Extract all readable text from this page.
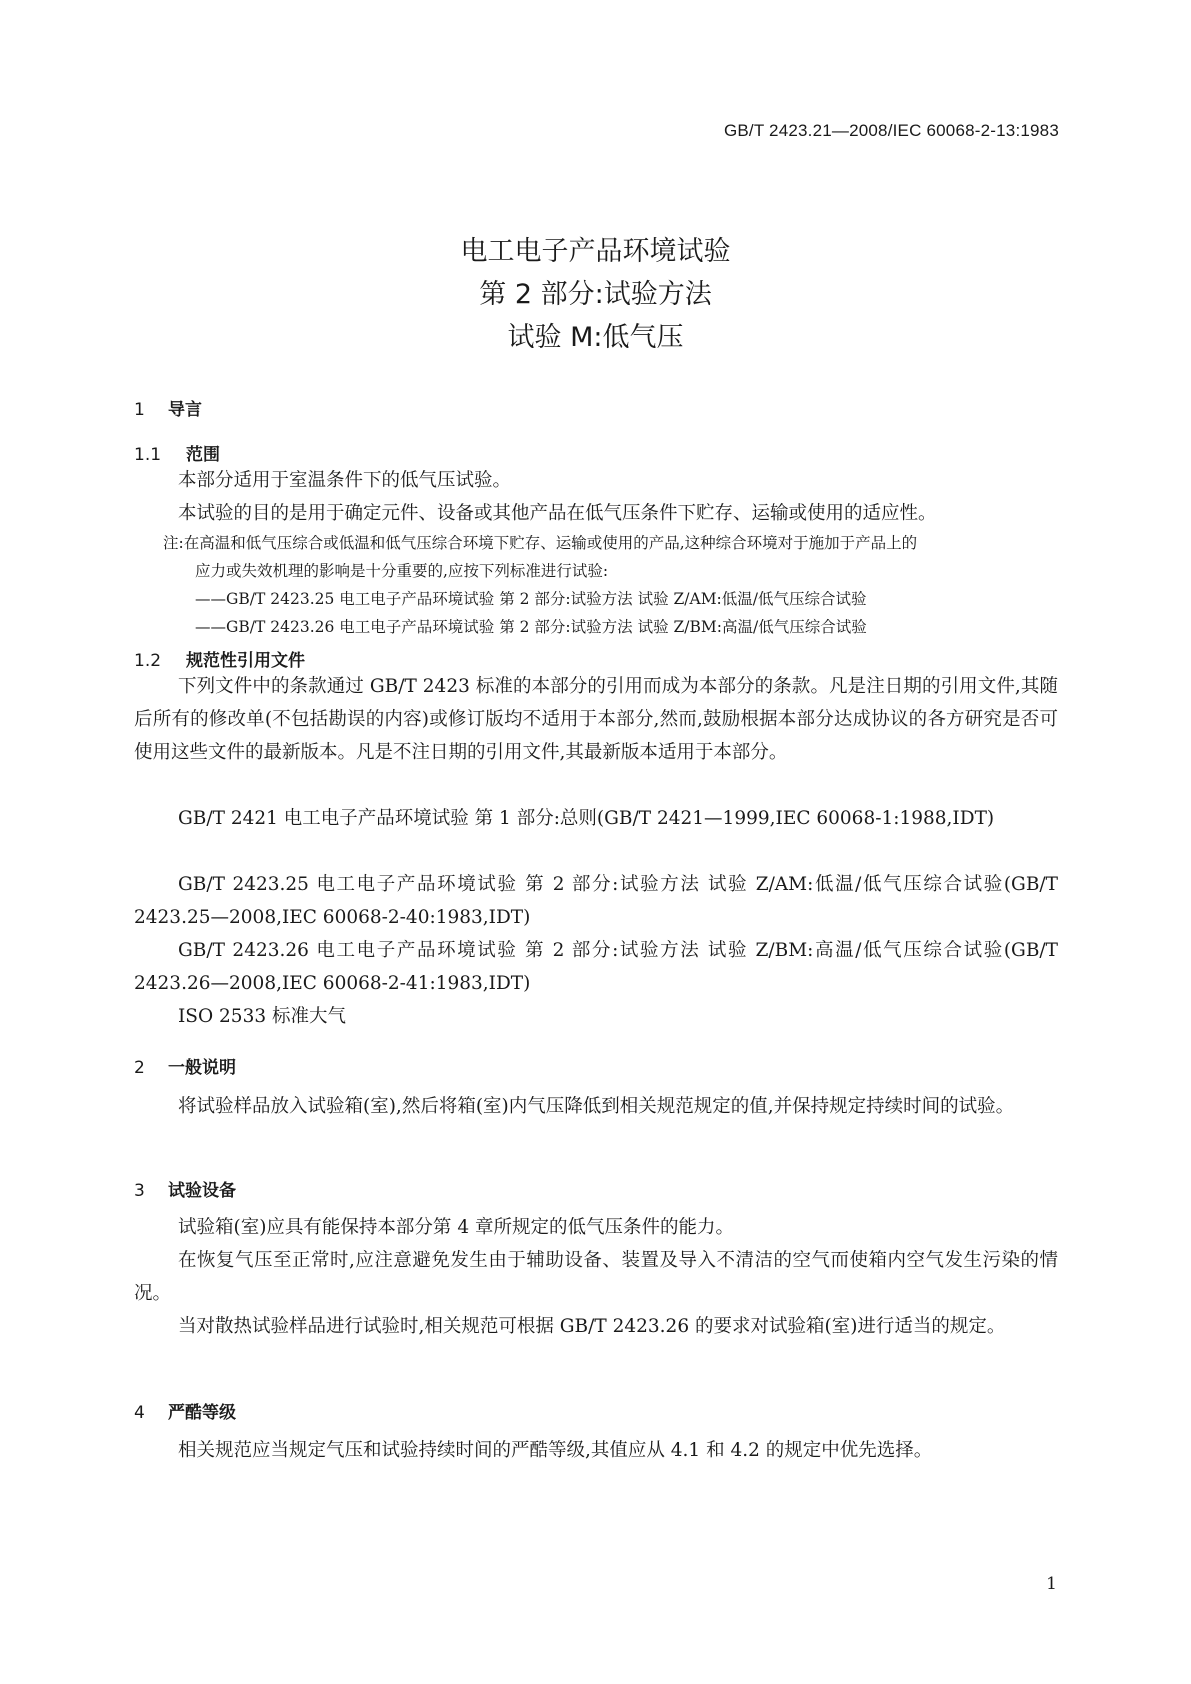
GB/T 2423.21—2008/IEC 60068-2-13:1983
电工电子产品环境试验
第 2 部分:试验方法
试验 M:低气压
1 导言
1.1 范围
本部分适用于室温条件下的低气压试验。
本试验的目的是用于确定元件、设备或其他产品在低气压条件下贮存、运输或使用的适应性。
注:在高温和低气压综合或低温和低气压综合环境下贮存、运输或使用的产品,这种综合环境对于施加于产品上的
应力或失效机理的影响是十分重要的,应按下列标准进行试验:
——GB/T 2423.25 电工电子产品环境试验 第 2 部分:试验方法 试验 Z/AM:低温/低气压综合试验
——GB/T 2423.26 电工电子产品环境试验 第 2 部分:试验方法 试验 Z/BM:高温/低气压综合试验
1.2 规范性引用文件
下列文件中的条款通过 GB/T 2423 标准的本部分的引用而成为本部分的条款。凡是注日期的引用文件,其随后所有的修改单(不包括勘误的内容)或修订版均不适用于本部分,然而,鼓励根据本部分达成协议的各方研究是否可使用这些文件的最新版本。凡是不注日期的引用文件,其最新版本适用于本部分。
GB/T 2421 电工电子产品环境试验 第 1 部分:总则(GB/T 2421—1999,IEC 60068-1:1988,IDT)
GB/T 2423.25 电工电子产品环境试验 第 2 部分:试验方法 试验 Z/AM:低温/低气压综合试验(GB/T 2423.25—2008,IEC 60068-2-40:1983,IDT)
GB/T 2423.26 电工电子产品环境试验 第 2 部分:试验方法 试验 Z/BM:高温/低气压综合试验(GB/T 2423.26—2008,IEC 60068-2-41:1983,IDT)
ISO 2533 标准大气
2 一般说明
将试验样品放入试验箱(室),然后将箱(室)内气压降低到相关规范规定的值,并保持规定持续时间的试验。
3 试验设备
试验箱(室)应具有能保持本部分第 4 章所规定的低气压条件的能力。
在恢复气压至正常时,应注意避免发生由于辅助设备、装置及导入不清洁的空气而使箱内空气发生污染的情况。
当对散热试验样品进行试验时,相关规范可根据 GB/T 2423.26 的要求对试验箱(室)进行适当的规定。
4 严酷等级
相关规范应当规定气压和试验持续时间的严酷等级,其值应从 4.1 和 4.2 的规定中优先选择。
1
